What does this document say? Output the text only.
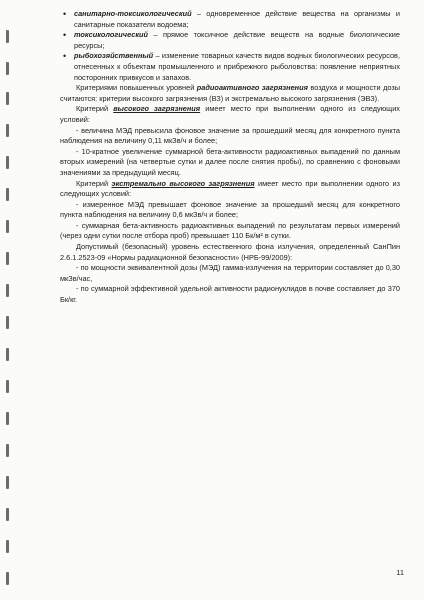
• санитарно-токсикологический – одновременное действие вещества на организмы и санитарные показатели водоема;

• токсикологический – прямое токсичное действие веществ на водные биологические ресурсы;

• рыбохозяйственный – изменение товарных качеств видов водных биологических ресурсов, отнесенных к объектам промышленного и прибрежного рыболовства: появление неприятных посторонних привкусов и запахов.

Критериями повышенных уровней радиоактивного загрязнения воздуха и мощности дозы считаются: критерии высокого загрязнения (ВЗ) и экстремально высокого загрязнения (ЭВЗ).

Критерий высокого загрязнения имеет место при выполнении одного из следующих условий:

- величина МЭД превысила фоновое значение за прошедший месяц для конкретного пункта наблюдения на величину 0,11 мкЗв/ч и более;

- 10-кратное увеличение суммарной бета-активности радиоактивных выпадений по данным вторых измерений (на четвертые сутки и далее после снятия пробы), по сравнению с фоновыми значениями за предыдущий месяц.

Критерий экстремально высокого загрязнения имеет место при выполнении одного из следующих условий:

- измеренное МЭД превышает фоновое значение за прошедший месяц для конкретного пункта наблюдения на величину 0,6 мкЗв/ч и более;

- суммарная бета-активность радиоактивных выпадений по результатам первых измерений (через одни сутки после отбора проб) превышает 110 Бк/м² в сутки.

Допустимый (безопасный) уровень естественного фона излучения, определенный СанПин 2.6.1.2523-09 «Нормы радиационной безопасности» (НРБ-99/2009):

- по мощности эквивалентной дозы (МЭД) гамма-излучения на территории составляет до 0,30 мкЗв/час,

- по суммарной эффективной удельной активности радионуклидов в почве составляет до 370 Бк/кг.

11
